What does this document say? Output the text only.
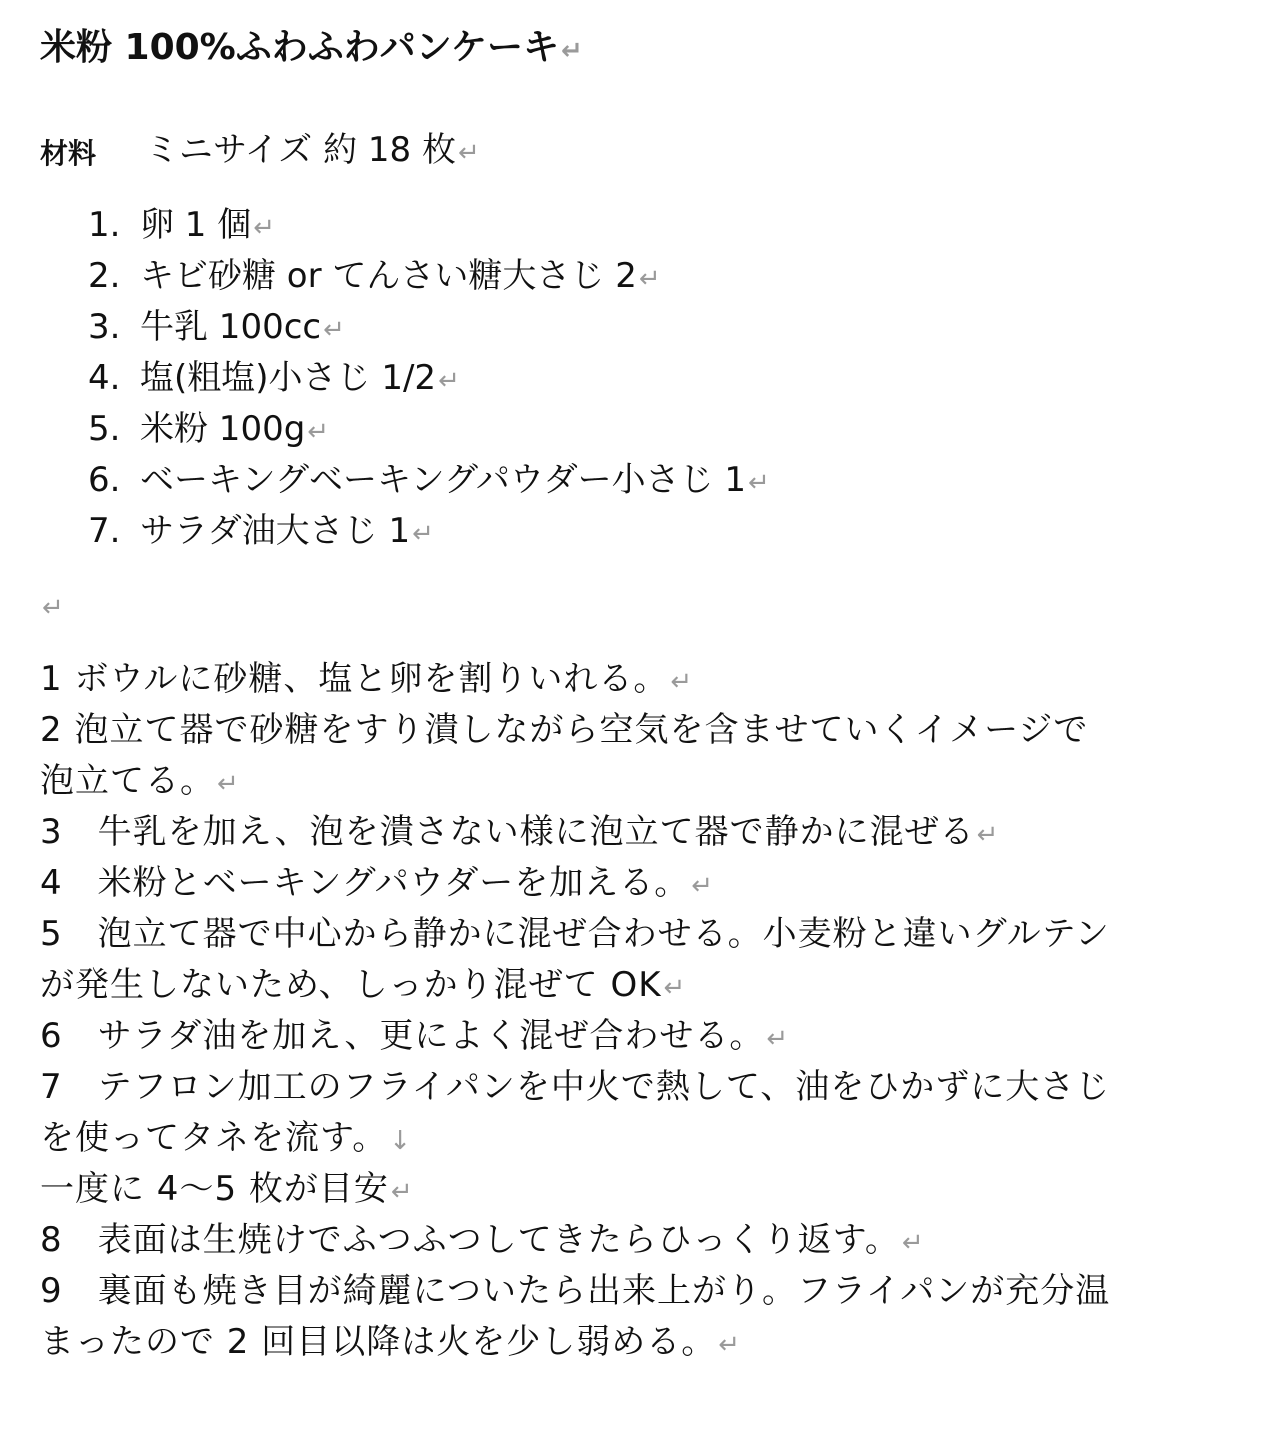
米粉 100%ふわふわパンケーキ↵
材料 ミニサイズ 約 18 枚↵
1. 卵 1 個↵
2. キビ砂糖 or てんさい糖大さじ 2↵
3. 牛乳 100cc↵
4. 塩(粗塩)小さじ 1/2↵
5. 米粉 100g↵
6. ベーキングベーキングパウダー小さじ 1↵
7. サラダ油大さじ 1↵
↵
1 ボウルに砂糖、塩と卵を割りいれる。↵
2 泡立て器で砂糖をすり潰しながら空気を含ませていくイメージで
泡立てる。↵
3　牛乳を加え、泡を潰さない様に泡立て器で静かに混ぜる↵
4　米粉とベーキングパウダーを加える。↵
5　泡立て器で中心から静かに混ぜ合わせる。小麦粉と違いグルテン
が発生しないため、しっかり混ぜて OK↵
6　サラダ油を加え、更によく混ぜ合わせる。↵
7　テフロン加工のフライパンを中火で熱して、油をひかずに大さじ
を使ってタネを流す。↓
一度に 4～5 枚が目安↵
8　表面は生焼けでふつふつしてきたらひっくり返す。↵
9　裏面も焼き目が綺麗についたら出来上がり。フライパンが充分温
まったので 2 回目以降は火を少し弱める。↵
